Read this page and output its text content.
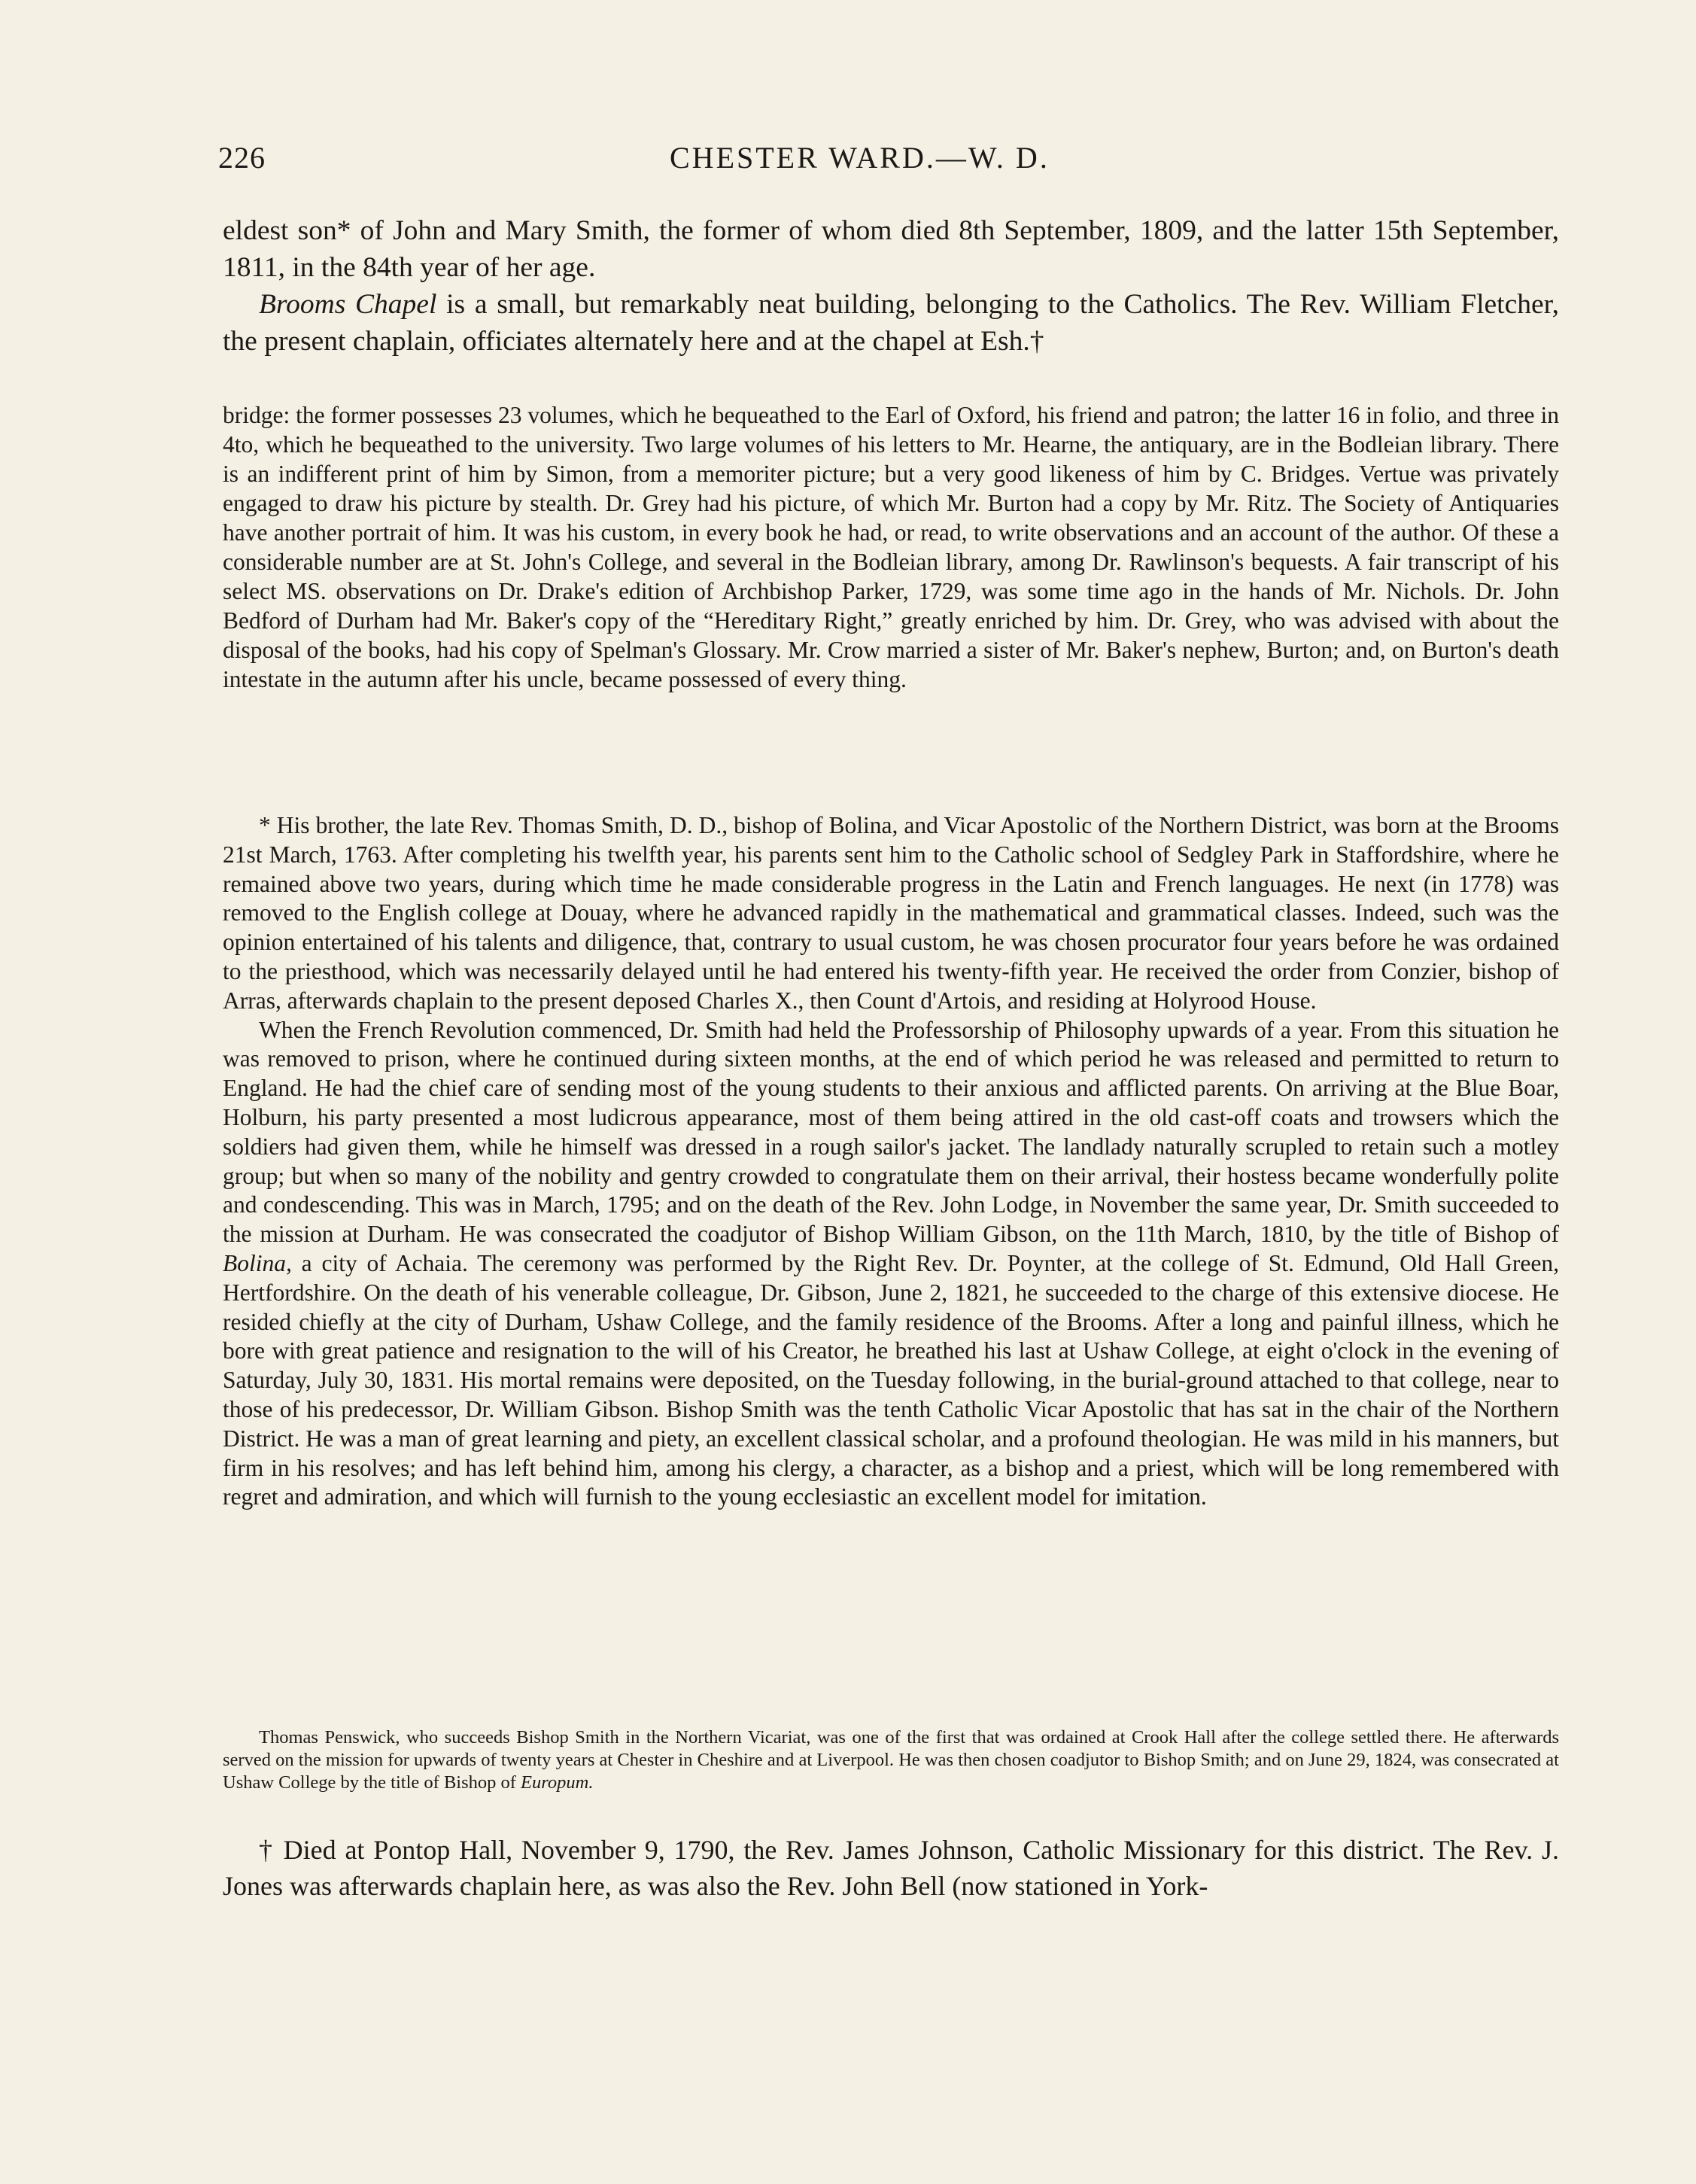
226	CHESTER WARD.—W. D.

eldest son* of John and Mary Smith, the former of whom died 8th September, 1809, and the latter 15th September, 1811, in the 84th year of her age.

Brooms Chapel is a small, but remarkably neat building, belonging to the Catholics. The Rev. William Fletcher, the present chaplain, officiates alternately here and at the chapel at Esh.†

bridge: the former possesses 23 volumes, which he bequeathed to the Earl of Oxford, his friend and patron; the latter 16 in folio, and three in 4to, which he bequeathed to the university. Two large volumes of his letters to Mr. Hearne, the antiquary, are in the Bodleian library. There is an indifferent print of him by Simon, from a memoriter picture; but a very good likeness of him by C. Bridges. Vertue was privately engaged to draw his picture by stealth. Dr. Grey had his picture, of which Mr. Burton had a copy by Mr. Ritz. The Society of Antiquaries have another portrait of him. It was his custom, in every book he had, or read, to write observations and an account of the author. Of these a considerable number are at St. John's College, and several in the Bodleian library, among Dr. Rawlinson's bequests. A fair transcript of his select MS. observations on Dr. Drake's edition of Archbishop Parker, 1729, was some time ago in the hands of Mr. Nichols. Dr. John Bedford of Durham had Mr. Baker's copy of the “Hereditary Right,” greatly enriched by him. Dr. Grey, who was advised with about the disposal of the books, had his copy of Spelman's Glossary. Mr. Crow married a sister of Mr. Baker's nephew, Burton; and, on Burton's death intestate in the autumn after his uncle, became possessed of every thing.

* His brother, the late Rev. Thomas Smith, D. D., bishop of Bolina, and Vicar Apostolic of the Northern District, was born at the Brooms 21st March, 1763. After completing his twelfth year, his parents sent him to the Catholic school of Sedgley Park in Staffordshire, where he remained above two years, during which time he made considerable progress in the Latin and French languages. He next (in 1778) was removed to the English college at Douay, where he advanced rapidly in the mathematical and grammatical classes. Indeed, such was the opinion entertained of his talents and diligence, that, contrary to usual custom, he was chosen procurator four years before he was ordained to the priesthood, which was necessarily delayed until he had entered his twenty-fifth year. He received the order from Conzier, bishop of Arras, afterwards chaplain to the present deposed Charles X., then Count d'Artois, and residing at Holyrood House.

When the French Revolution commenced, Dr. Smith had held the Professorship of Philosophy upwards of a year. From this situation he was removed to prison, where he continued during sixteen months, at the end of which period he was released and permitted to return to England. He had the chief care of sending most of the young students to their anxious and afflicted parents. On arriving at the Blue Boar, Holburn, his party presented a most ludicrous appearance, most of them being attired in the old cast-off coats and trowsers which the soldiers had given them, while he himself was dressed in a rough sailor's jacket. The landlady naturally scrupled to retain such a motley group; but when so many of the nobility and gentry crowded to congratulate them on their arrival, their hostess became wonderfully polite and condescending. This was in March, 1795; and on the death of the Rev. John Lodge, in November the same year, Dr. Smith succeeded to the mission at Durham. He was consecrated the coadjutor of Bishop William Gibson, on the 11th March, 1810, by the title of Bishop of Bolina, a city of Achaia. The ceremony was performed by the Right Rev. Dr. Poynter, at the college of St. Edmund, Old Hall Green, Hertfordshire. On the death of his venerable colleague, Dr. Gibson, June 2, 1821, he succeeded to the charge of this extensive diocese. He resided chiefly at the city of Durham, Ushaw College, and the family residence of the Brooms. After a long and painful illness, which he bore with great patience and resignation to the will of his Creator, he breathed his last at Ushaw College, at eight o'clock in the evening of Saturday, July 30, 1831. His mortal remains were deposited, on the Tuesday following, in the burial-ground attached to that college, near to those of his predecessor, Dr. William Gibson. Bishop Smith was the tenth Catholic Vicar Apostolic that has sat in the chair of the Northern District. He was a man of great learning and piety, an excellent classical scholar, and a profound theologian. He was mild in his manners, but firm in his resolves; and has left behind him, among his clergy, a character, as a bishop and a priest, which will be long remembered with regret and admiration, and which will furnish to the young ecclesiastic an excellent model for imitation.

Thomas Penswick, who succeeds Bishop Smith in the Northern Vicariat, was one of the first that was ordained at Crook Hall after the college settled there. He afterwards served on the mission for upwards of twenty years at Chester in Cheshire and at Liverpool. He was then chosen coadjutor to Bishop Smith; and on June 29, 1824, was consecrated at Ushaw College by the title of Bishop of Europum.

† Died at Pontop Hall, November 9, 1790, the Rev. James Johnson, Catholic Missionary for this district. The Rev. J. Jones was afterwards chaplain here, as was also the Rev. John Bell (now stationed in York-
